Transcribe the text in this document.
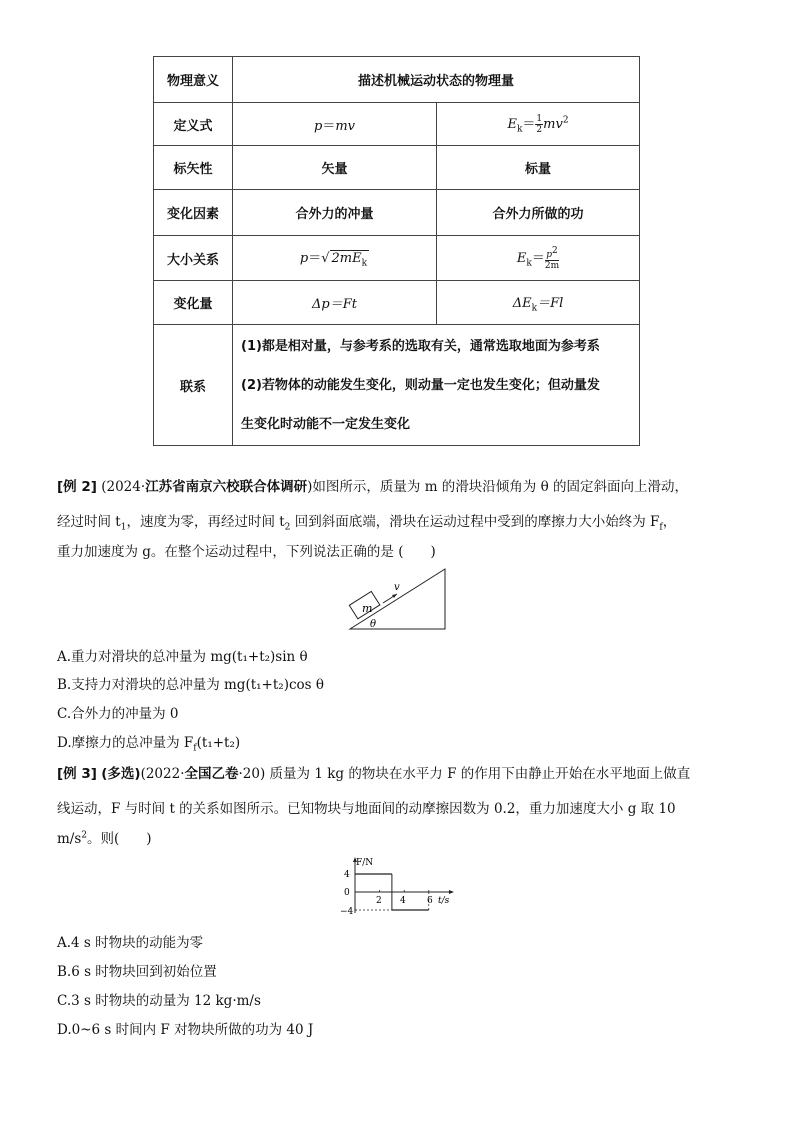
物理意义	描述机械运动状态的物理量	
定义式	p＝mv	$E_k= \frac{1}{2} mv^2$
标矢性	矢量	标量
变化因素	合外力的冲量	合外力所做的功
大小关系	p＝√ $2mE_k$	$E_k= \frac{p^2}{2m}$

变化量	Δp＝Ft	$\Delta E_k=Fl$
联系	(1)都是相对量，与参考系的选取有关，通常选取地面为参考系
(2)若物体的动能发生变化，则动量一定也发生变化；但动量发
生变化时动能不一定发生变化	
[例 2] (2024·江苏省南京六校联合体调研)如图所示，质量为 m 的滑块沿倾角为 θ 的固定斜面向上滑动，
经过时间 $t_1$，速度为零，再经过时间 $t_2$ 回到斜面底端，滑块在运动过程中受到的摩擦力大小始终为 $F_f$，
重力加速度为 g。在整个运动过程中，下列说法正确的是 (　　)
m
v
θ
A.重力对滑块的总冲量为 mg(t₁+t₂)sin θ
B.支持力对滑块的总冲量为 mg(t₁+t₂)cos θ
C.合外力的冲量为 0
D.摩擦力的总冲量为 $F_f(t_1+t_2)$
[例 3] (多选)(2022·全国乙卷·20) 质量为 1 kg 的物块在水平力 F 的作用下由静止开始在水平地面上做直
线运动，F 与时间 t 的关系如图所示。已知物块与地面间的动摩擦因数为 0.2，重力加速度大小 g 取 10
$m/s^2$。则(　　)
F/N
t/s
4
0
−4
2 4 6
A.4 s 时物块的动能为零
B.6 s 时物块回到初始位置
C.3 s 时物块的动量为 12 kg·m/s
D.0~6 s 时间内 F 对物块所做的功为 40 J
